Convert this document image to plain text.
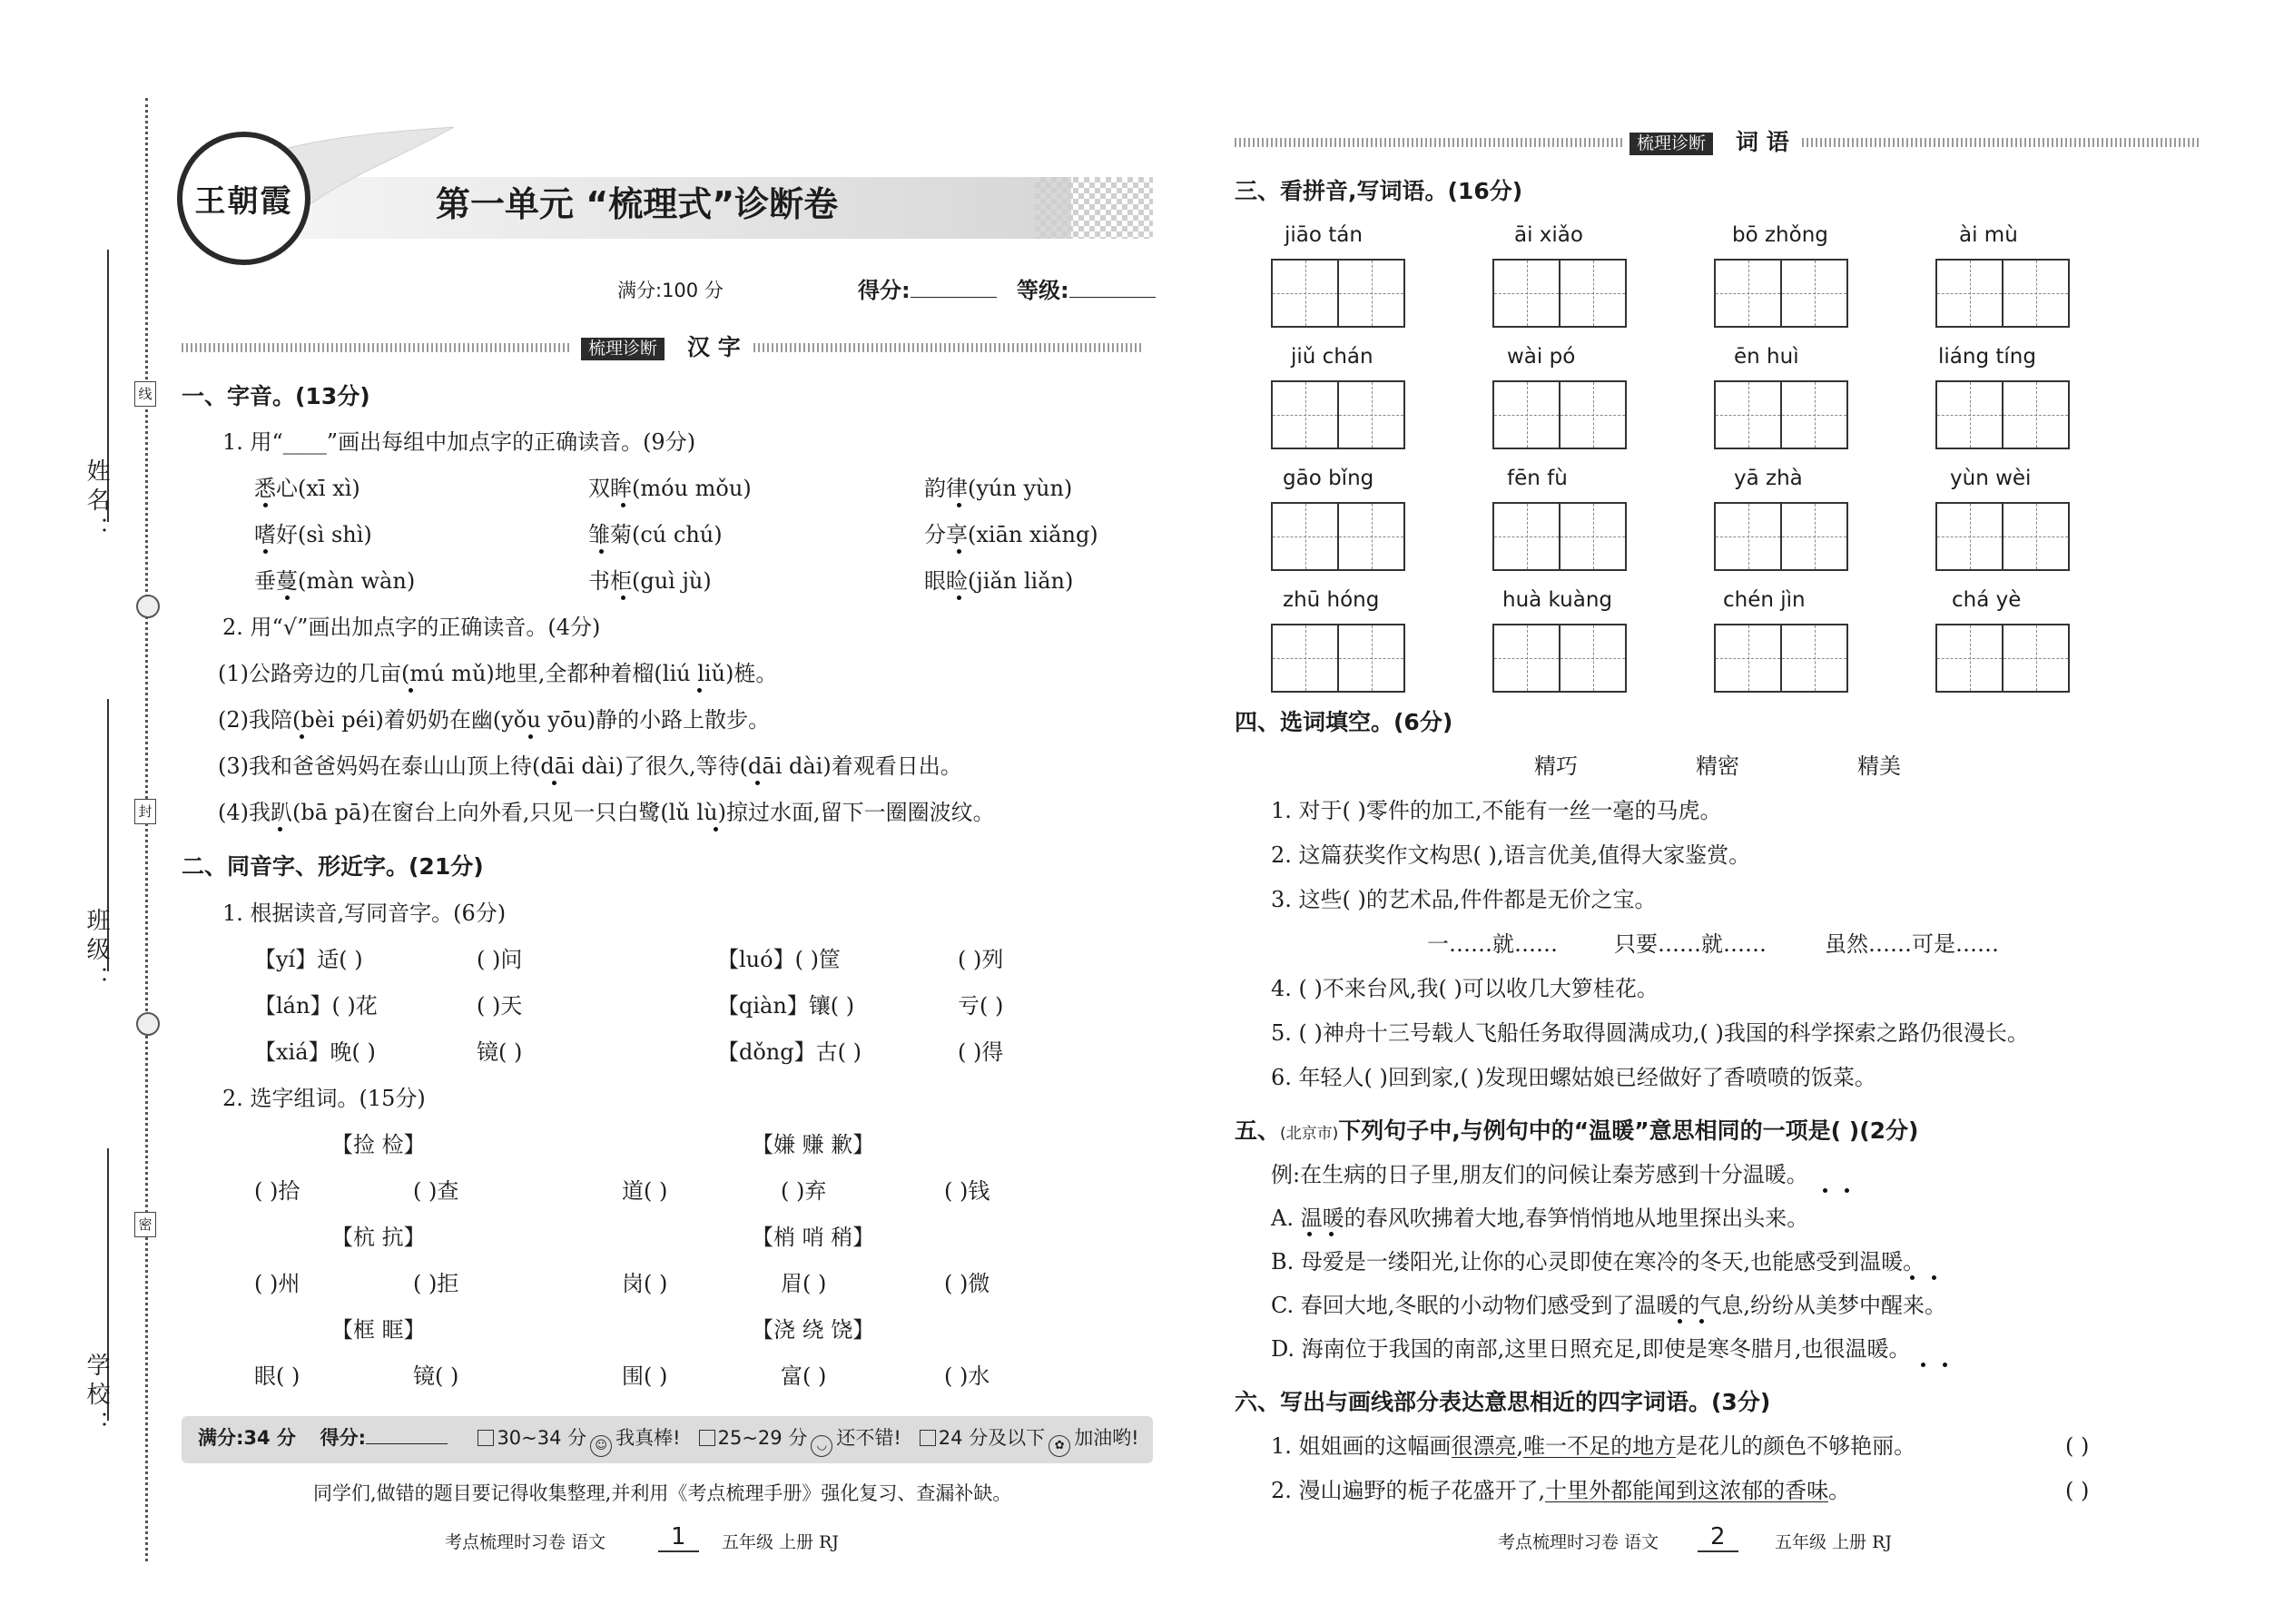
线
封
密
姓名：
班级：
学校：
王朝霞	第一单元 “梳理式”诊断卷
满分:100 分	得分:	等级:
梳理诊断	汉 字
一、字音。(13分)
1. 用“____”画出每组中加点字的正确读音。(9分)
悉心(xī xì)	双眸(móu mǒu)	韵律(yún yùn)
嗜好(sì shì)	雏菊(cú chú)	分享(xiān xiǎng)
垂蔓(màn wàn)	书柜(guì jù)	眼睑(jiǎn liǎn)
2. 用“√”画出加点字的正确读音。(4分)
(1)公路旁边的几亩(mú mǔ)地里,全都种着榴(liú liǔ)梿。
(2)我陪(bèi péi)着奶奶在幽(yǒu yōu)静的小路上散步。
(3)我和爸爸妈妈在泰山山顶上待(dāi dài)了很久,等待(dāi dài)着观看日出。
(4)我趴(bā pā)在窗台上向外看,只见一只白鹭(lǔ lù)掠过水面,留下一圈圈波纹。
二、同音字、形近字。(21分)
1. 根据读音,写同音字。(6分)
【yí】适( )	( )问	【luó】( )筐	( )列
【lán】( )花	( )天	【qiàn】镶( )	亏( )
【xiá】晚( )	镜( )	【dǒng】古( )	( )得
2. 选字组词。(15分)
【捡 检】	【嫌 赚 歉】
( )拾	( )查	道( )	( )弃	( )钱
【杭 抗】	【梢 哨 稍】
( )州	( )拒	岗( )	眉( )	( )微
【框 眶】	【浇 绕 饶】
眼( )	镜( )	围( )	富( )	( )水
满分:34 分 得分:	30~34 分 ☺ 我真棒! 25~29 分 ◡ 还不错! 24 分及以下 ✿ 加油哟!
同学们,做错的题目要记得收集整理,并利用《考点梳理手册》强化复习、查漏补缺。
考点梳理时习卷 语文	1	五年级 上册 RJ
梳理诊断	词 语
三、看拼音,写词语。(16分)
jiāo tán	āi xiǎo	bō zhǒng	ài mù
jiǔ chán	wài pó	ēn huì	liáng tíng
gāo bǐng	fēn fù	yā zhà	yùn wèi
zhū hóng	huà kuàng	chén jìn	chá yè
四、选词填空。(6分)
精巧	精密	精美
1. 对于( )零件的加工,不能有一丝一毫的马虎。
2. 这篇获奖作文构思( ),语言优美,值得大家鉴赏。
3. 这些( )的艺术品,件件都是无价之宝。
一……就……	只要……就……	虽然……可是……
4. ( )不来台风,我( )可以收几大箩桂花。
5. ( )神舟十三号载人飞船任务取得圆满成功,( )我国的科学探索之路仍很漫长。
6. 年轻人( )回到家,( )发现田螺姑娘已经做好了香喷喷的饭菜。
五、(北京市)下列句子中,与例句中的“温暖”意思相同的一项是( )(2分)
例:在生病的日子里,朋友们的问候让秦芳感到十分温暖。
A. 温暖的春风吹拂着大地,春笋悄悄地从地里探出头来。
B. 母爱是一缕阳光,让你的心灵即使在寒冷的冬天,也能感受到温暖。
C. 春回大地,冬眠的小动物们感受到了温暖的气息,纷纷从美梦中醒来。
D. 海南位于我国的南部,这里日照充足,即使是寒冬腊月,也很温暖。
六、写出与画线部分表达意思相近的四字词语。(3分)
1. 姐姐画的这幅画很漂亮,唯一不足的地方是花儿的颜色不够艳丽。	( )
2. 漫山遍野的栀子花盛开了,十里外都能闻到这浓郁的香味。	( )
考点梳理时习卷 语文	2	五年级 上册 RJ
